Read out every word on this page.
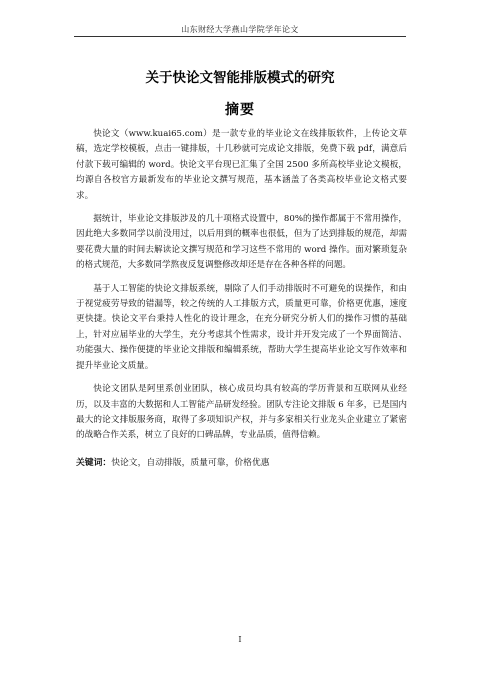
山东财经大学燕山学院学年论文
关于快论文智能排版模式的研究
摘要

快论文（www.kuai65.com）是一款专业的毕业论文在线排版软件，上传论文草稿，选定学校模板，点击一键排版，十几秒就可完成论文排版，免费下载 pdf，满意后付款下载可编辑的 word。快论文平台现已汇集了全国 2500 多所高校毕业论文模板，均源自各校官方最新发布的毕业论文撰写规范，基本涵盖了各类高校毕业论文格式要求。

据统计，毕业论文排版涉及的几十项格式设置中，80%的操作都属于不常用操作，因此绝大多数同学以前没用过，以后用到的概率也很低，但为了达到排版的规范，却需要花费大量的时间去解读论文撰写规范和学习这些不常用的 word 操作。面对繁琐复杂的格式规范，大多数同学熬夜反复调整修改却还是存在各种各样的问题。

基于人工智能的快论文排版系统，剔除了人们手动排版时不可避免的误操作，和由于视觉疲劳导致的错漏等，较之传统的人工排版方式，质量更可靠，价格更优惠，速度更快捷。快论文平台秉持人性化的设计理念，在充分研究分析人们的操作习惯的基础上，针对应届毕业的大学生，充分考虑其个性需求，设计并开发完成了一个界面简洁、功能强大、操作便捷的毕业论文排版和编辑系统，帮助大学生提高毕业论文写作效率和提升毕业论文质量。

快论文团队是阿里系创业团队，核心成员均具有较高的学历背景和互联网从业经历，以及丰富的大数据和人工智能产品研发经验。团队专注论文排版 6 年多，已是国内最大的论文排版服务商，取得了多项知识产权，并与多家相关行业龙头企业建立了紧密的战略合作关系，树立了良好的口碑品牌，专业品质，值得信赖。

关键词：快论文，自动排版，质量可靠，价格优惠
I
